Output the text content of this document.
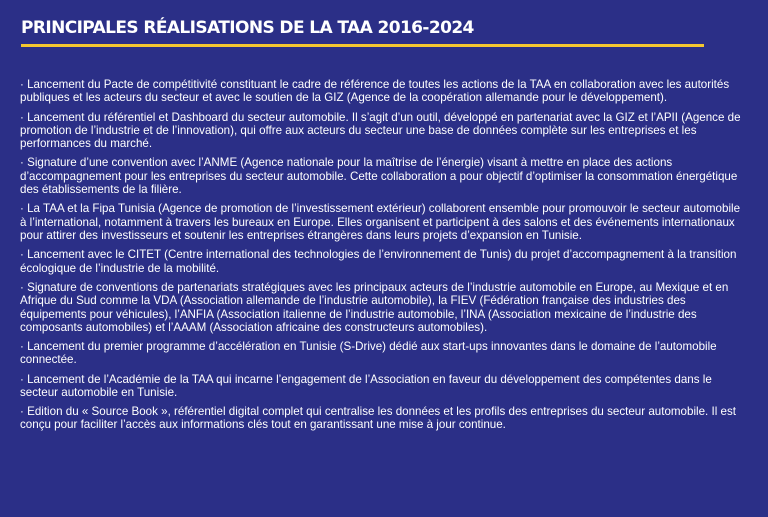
PRINCIPALES RÉALISATIONS DE LA TAA 2016-2024
· Lancement du Pacte de compétitivité constituant le cadre de référence de toutes les actions de la TAA en collaboration avec les autorités publiques et les acteurs du secteur et avec le soutien de la GIZ (Agence de la coopération allemande pour le développement).
· Lancement du référentiel et Dashboard du secteur automobile. Il s’agit d’un outil, développé en partenariat avec la GIZ et l’APII (Agence de promotion de l’industrie et de l’innovation), qui offre aux acteurs du secteur une base de données complète sur les entreprises et les performances du marché.
· Signature d’une convention avec l’ANME (Agence nationale pour la maîtrise de l’énergie) visant à mettre en place des actions d’accompagnement pour les entreprises du secteur automobile. Cette collaboration a pour objectif d’optimiser la consommation énergétique des établissements de la filière.
· La TAA et la Fipa Tunisia (Agence de promotion de l’investissement extérieur) collaborent ensemble pour promouvoir le secteur automobile à l’international, notamment à travers les bureaux en Europe. Elles organisent et participent à des salons et des événements internationaux pour attirer des investisseurs et soutenir les entreprises étrangères dans leurs projets d’expansion en Tunisie.
· Lancement avec le CITET (Centre international des technologies de l’environnement de Tunis) du projet d’accompagnement à la transition écologique de l’industrie de la mobilité.
· Signature de conventions de partenariats stratégiques avec les principaux acteurs de l’industrie automobile en Europe, au Mexique et en Afrique du Sud comme la VDA (Association allemande de l’industrie automobile), la FIEV (Fédération française des industries des équipements pour véhicules), l’ANFIA (Association italienne de l’industrie automobile, l’INA (Association mexicaine de l’industrie des composants automobiles) et l’AAAM (Association africaine des constructeurs automobiles).
· Lancement du premier programme d’accélération en Tunisie (S-Drive) dédié aux start-ups innovantes dans le domaine de l’automobile connectée.
· Lancement de l’Académie de la TAA qui incarne l’engagement de l’Association en faveur du développement des compétentes dans le secteur automobile en Tunisie.
· Edition du « Source Book », référentiel digital complet qui centralise les données et les profils des entreprises du secteur automobile. Il est conçu pour faciliter l’accès aux informations clés tout en garantissant une mise à jour continue.
